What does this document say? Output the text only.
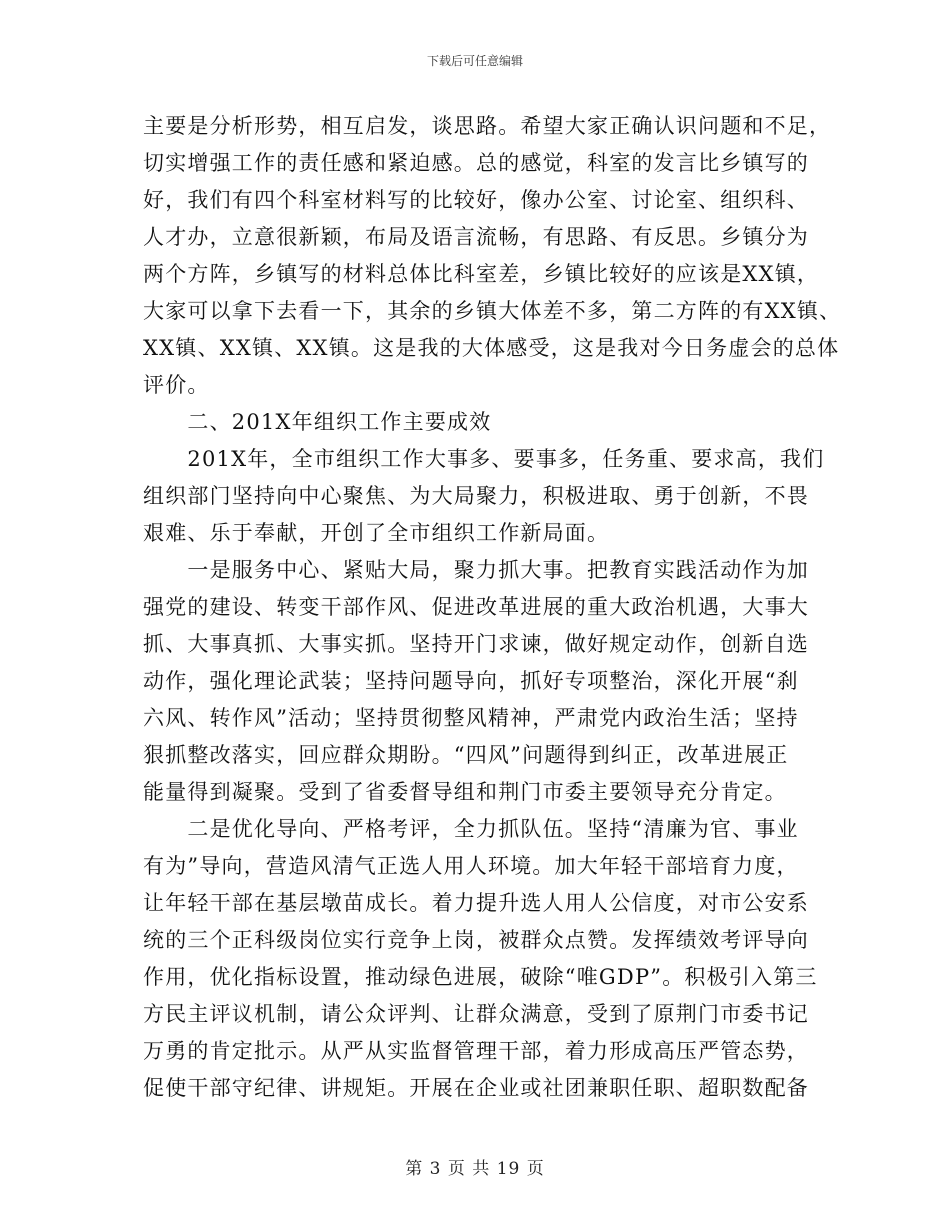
下载后可任意编辑
主要是分析形势，相互启发，谈思路。希望大家正确认识问题和不足，
切实增强工作的责任感和紧迫感。总的感觉，科室的发言比乡镇写的
好，我们有四个科室材料写的比较好，像办公室、讨论室、组织科、
人才办，立意很新颖，布局及语言流畅，有思路、有反思。乡镇分为
两个方阵，乡镇写的材料总体比科室差，乡镇比较好的应该是XX镇，
大家可以拿下去看一下，其余的乡镇大体差不多，第二方阵的有XX镇、
XX镇、XX镇、XX镇。这是我的大体感受，这是我对今日务虚会的总体
评价。
　　二、201X年组织工作主要成效
　　201X年，全市组织工作大事多、要事多，任务重、要求高，我们
组织部门坚持向中心聚焦、为大局聚力，积极进取、勇于创新，不畏
艰难、乐于奉献，开创了全市组织工作新局面。
　　一是服务中心、紧贴大局，聚力抓大事。把教育实践活动作为加
强党的建设、转变干部作风、促进改革进展的重大政治机遇，大事大
抓、大事真抓、大事实抓。坚持开门求谏，做好规定动作，创新自选
动作，强化理论武装；坚持问题导向，抓好专项整治，深化开展“刹
六风、转作风”活动；坚持贯彻整风精神，严肃党内政治生活；坚持
狠抓整改落实，回应群众期盼。“四风”问题得到纠正，改革进展正
能量得到凝聚。受到了省委督导组和荆门市委主要领导充分肯定。
　　二是优化导向、严格考评，全力抓队伍。坚持“清廉为官、事业
有为”导向，营造风清气正选人用人环境。加大年轻干部培育力度，
让年轻干部在基层墩苗成长。着力提升选人用人公信度，对市公安系
统的三个正科级岗位实行竞争上岗，被群众点赞。发挥绩效考评导向
作用，优化指标设置，推动绿色进展，破除“唯GDP”。积极引入第三
方民主评议机制，请公众评判、让群众满意，受到了原荆门市委书记
万勇的肯定批示。从严从实监督管理干部，着力形成高压严管态势，
促使干部守纪律、讲规矩。开展在企业或社团兼职任职、超职数配备
第 3 页 共 19 页
